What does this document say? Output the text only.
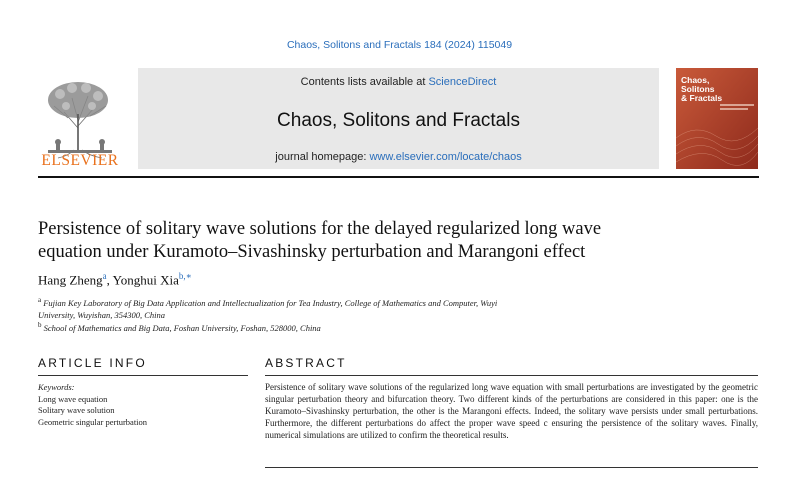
Chaos, Solitons and Fractals 184 (2024) 115049
Contents lists available at ScienceDirect
Chaos, Solitons and Fractals
journal homepage: www.elsevier.com/locate/chaos
ELSEVIER
Chaos,
Solitons
& Fractals
Persistence of solitary wave solutions for the delayed regularized long wave
equation under Kuramoto–Sivashinsky perturbation and Marangoni effect
Hang Zheng$^a$, Yonghui Xia$^{b,∗}$
$^a$ Fujian Key Laboratory of Big Data Application and Intellectualization for Tea Industry, College of Mathematics and Computer, Wuyi
University, Wuyishan, 354300, China
$^b$ School of Mathematics and Big Data, Foshan University, Foshan, 528000, China
ARTICLE INFO	ABSTRACT
Keywords:
Long wave equation
Solitary wave solution
Geometric singular perturbation
Persistence of solitary wave solutions of the regularized long wave equation with small perturbations are investigated by the geometric singular perturbation theory and bifurcation theory. Two different kinds of the perturbations are considered in this paper: one is the Kuramoto–Sivashinsky perturbation, the other is the Marangoni effects. Indeed, the solitary wave persists under small perturbations. Furthermore, the different perturbations do affect the proper wave speed c ensuring the persistence of the solitary waves. Finally, numerical simulations are utilized to confirm the theoretical results.
